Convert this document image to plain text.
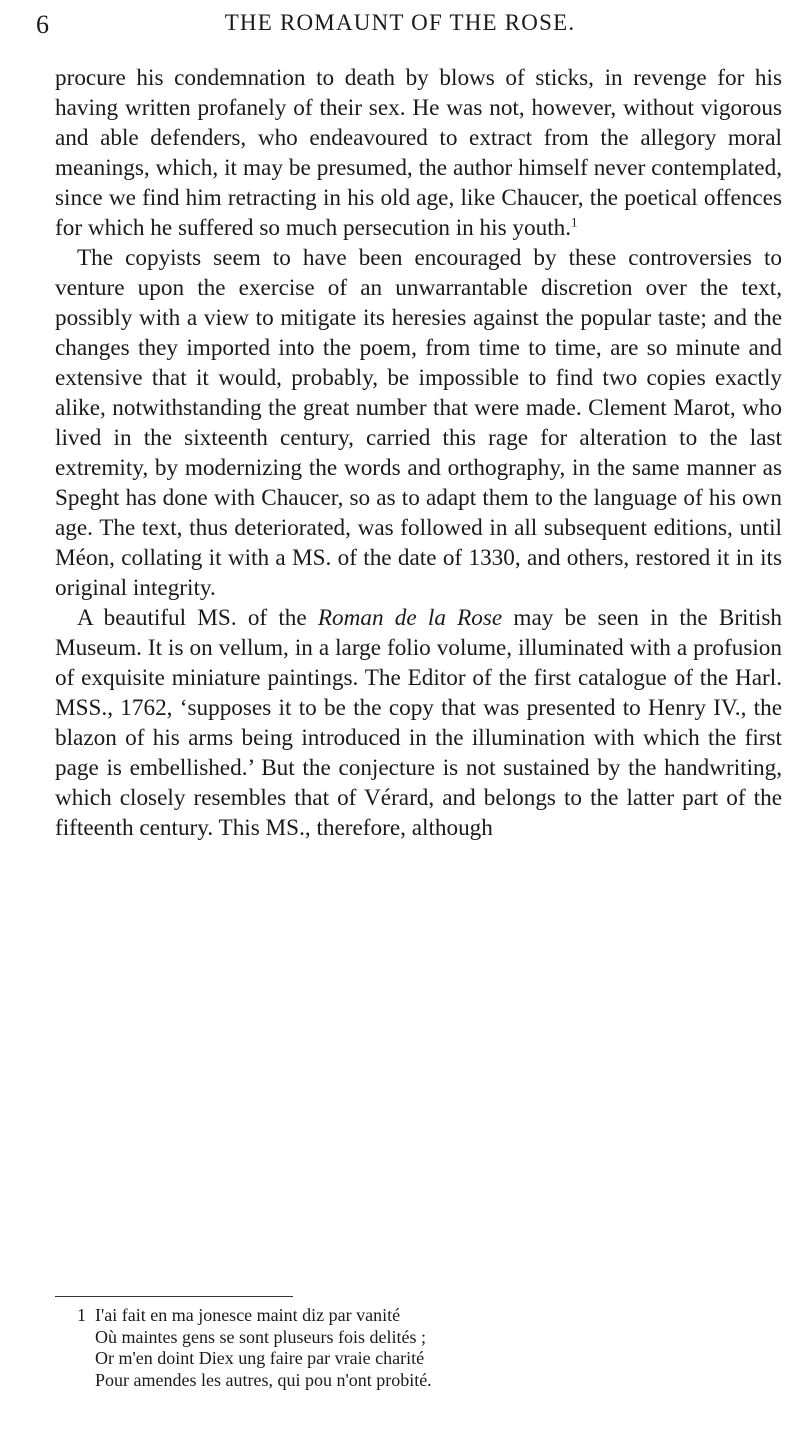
6	THE ROMAUNT OF THE ROSE.

procure his condemnation to death by blows of sticks, in revenge for his having written profanely of their sex. He was not, however, without vigorous and able defenders, who endeavoured to extract from the allegory moral meanings, which, it may be presumed, the author himself never contemplated, since we find him retracting in his old age, like Chaucer, the poetical offences for which he suffered so much persecution in his youth.$^1$

The copyists seem to have been encouraged by these controversies to venture upon the exercise of an unwarrantable discretion over the text, possibly with a view to mitigate its heresies against the popular taste; and the changes they imported into the poem, from time to time, are so minute and extensive that it would, probably, be impossible to find two copies exactly alike, notwithstanding the great number that were made. Clement Marot, who lived in the sixteenth century, carried this rage for alteration to the last extremity, by modernizing the words and orthography, in the same manner as Speght has done with Chaucer, so as to adapt them to the language of his own age. The text, thus deteriorated, was followed in all subsequent editions, until Méon, collating it with a MS. of the date of 1330, and others, restored it in its original integrity.

A beautiful MS. of the Roman de la Rose may be seen in the British Museum. It is on vellum, in a large folio volume, illuminated with a profusion of exquisite miniature paintings. The Editor of the first catalogue of the Harl. MSS., 1762, ‘supposes it to be the copy that was presented to Henry IV., the blazon of his arms being introduced in the illumination with which the first page is embellished.’ But the conjecture is not sustained by the handwriting, which closely resembles that of Vérard, and belongs to the latter part of the fifteenth century. This MS., therefore, although

1 I'ai fait en ma jonesce maint diz par vanité

Où maintes gens se sont pluseurs fois delités ;

Or m'en doint Diex ung faire par vraie charité

Pour amendes les autres, qui pou n'ont probité.
